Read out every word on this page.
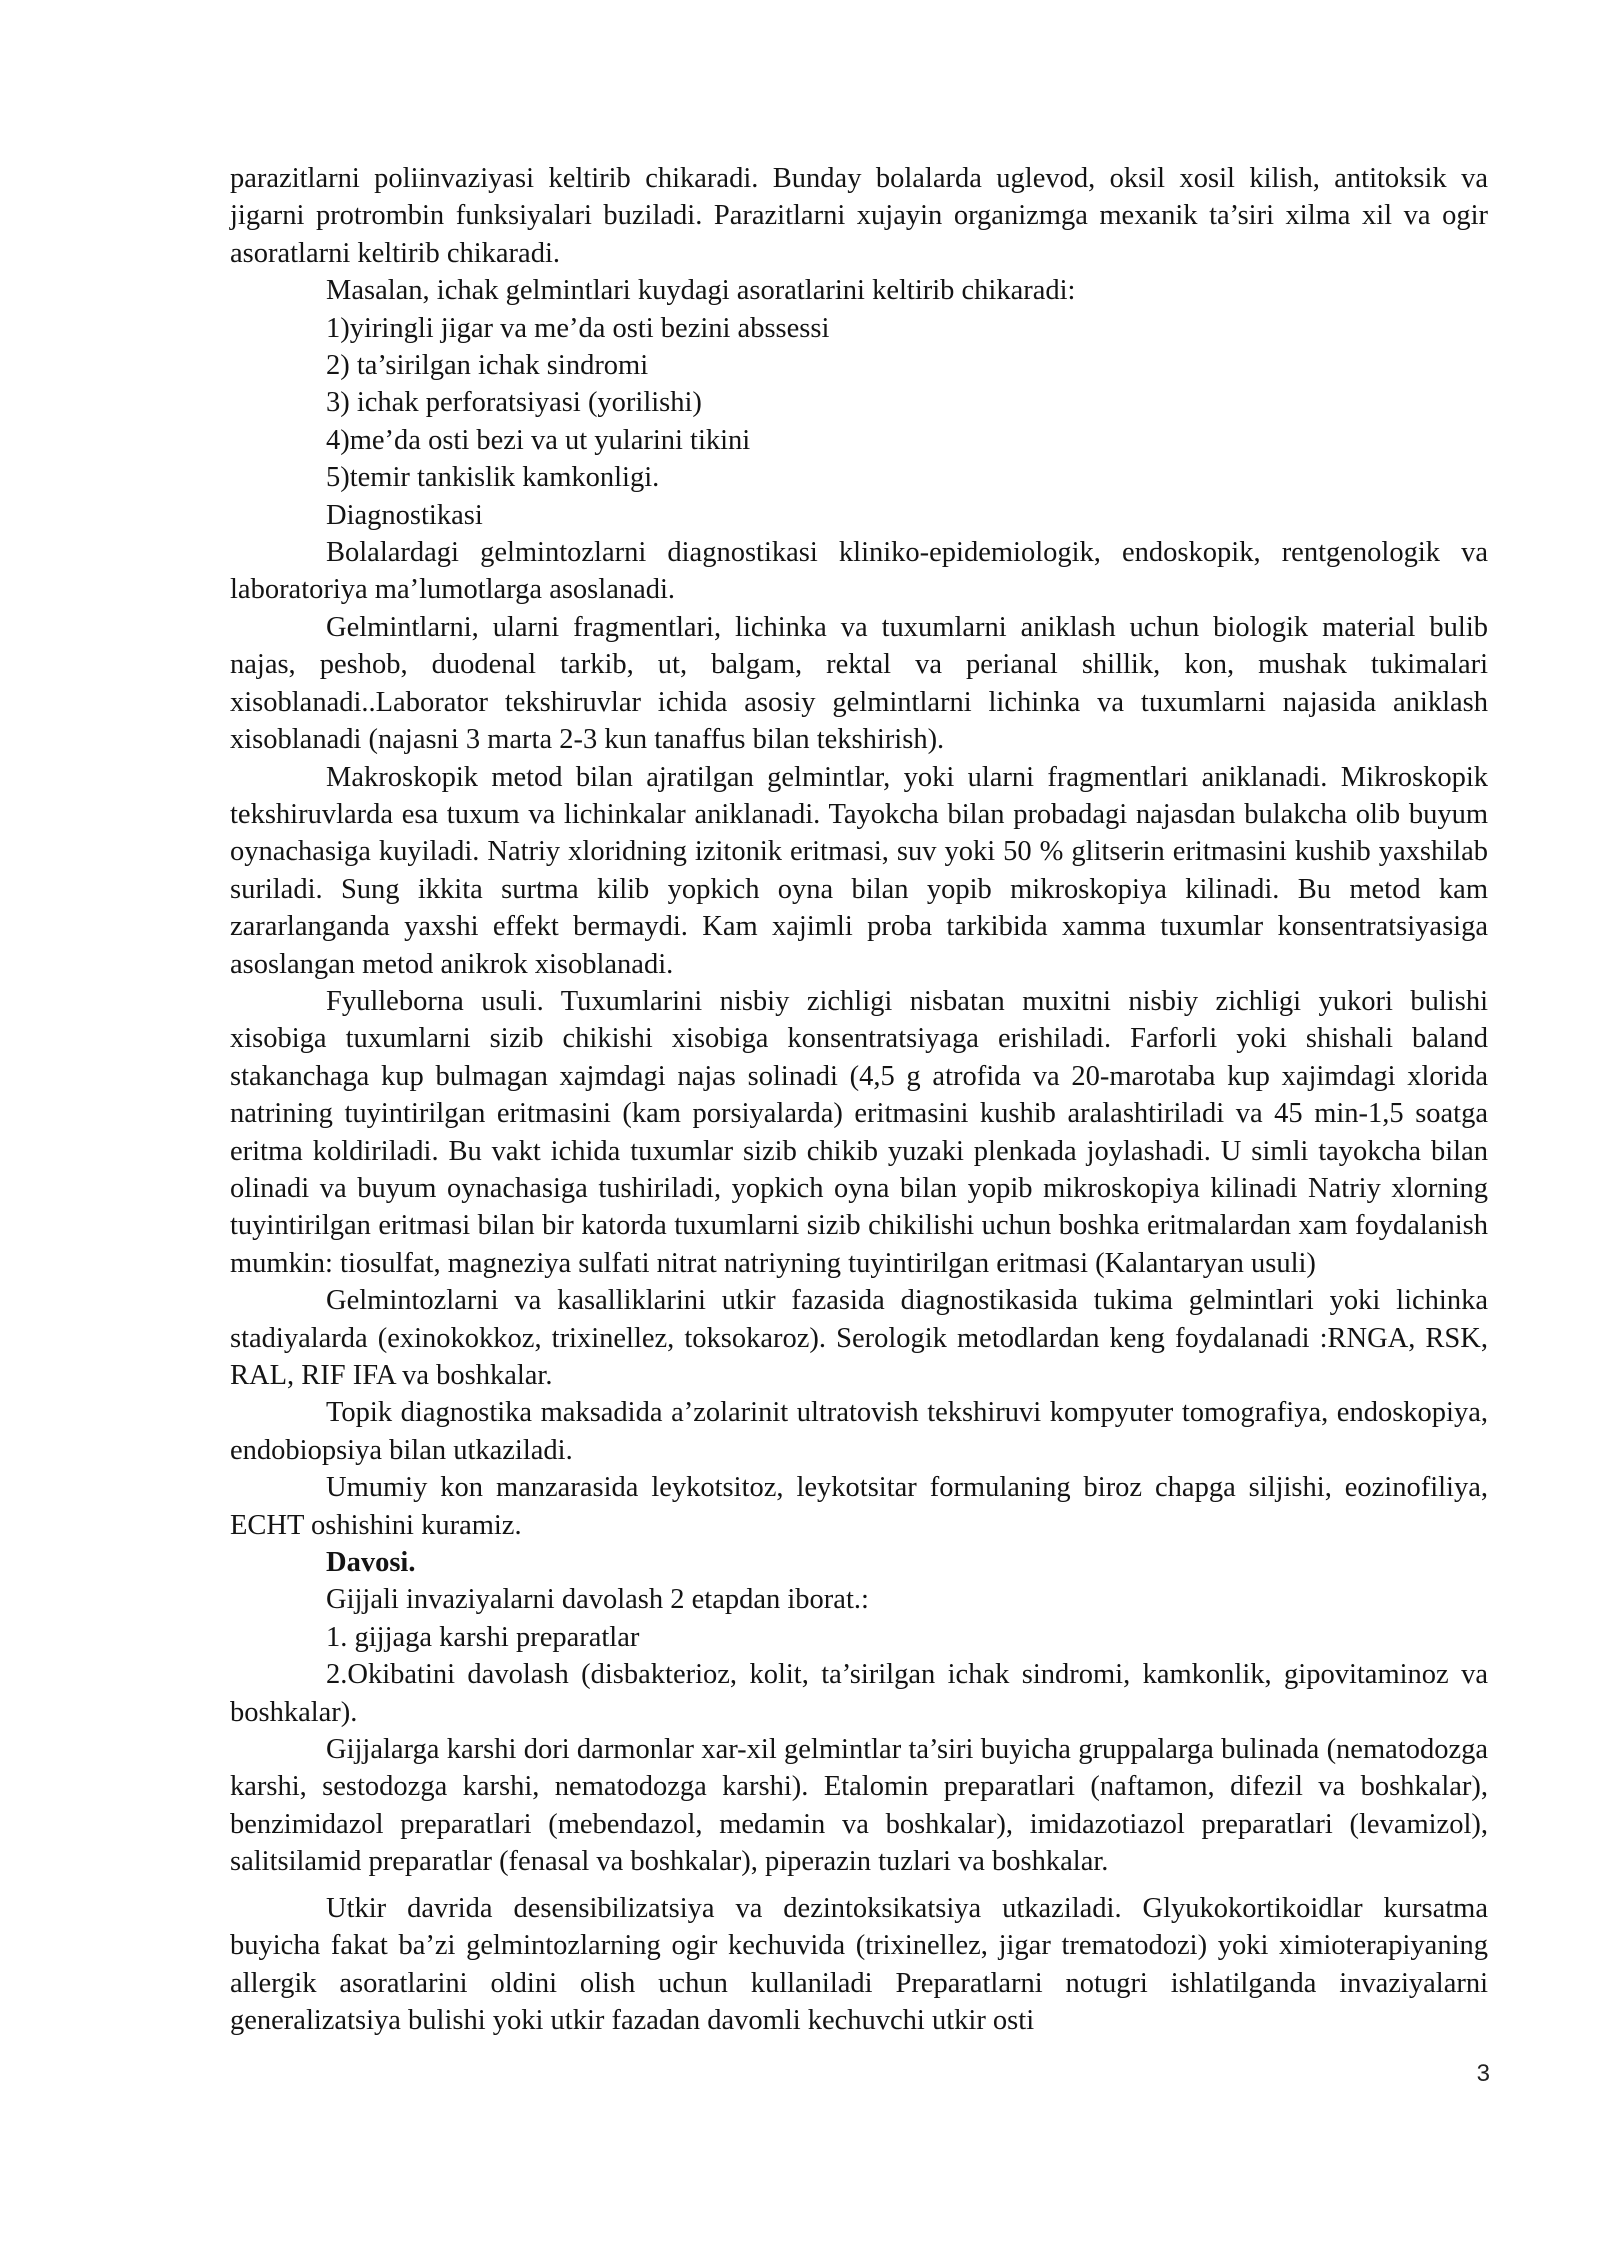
parazitlarni poliinvaziyasi keltirib chikaradi. Bunday bolalarda uglevod, oksil xosil kilish, antitoksik va jigarni protrombin funksiyalari buziladi. Parazitlarni xujayin organizmga mexanik ta’siri xilma xil va ogir asoratlarni keltirib chikaradi.

Masalan, ichak gelmintlari kuydagi asoratlarini keltirib chikaradi:

1)yiringli jigar va me’da osti bezini abssessi

2) ta’sirilgan ichak sindromi

3) ichak perforatsiyasi (yorilishi)

4)me’da osti bezi va ut yularini tikini

5)temir tankislik kamkonligi.

Diagnostikasi

Bolalardagi gelmintozlarni diagnostikasi kliniko-epidemiologik, endoskopik, rentgenologik va laboratoriya ma’lumotlarga asoslanadi.

Gelmintlarni, ularni fragmentlari, lichinka va tuxumlarni aniklash uchun biologik material bulib najas, peshob, duodenal tarkib, ut, balgam, rektal va perianal shillik, kon, mushak tukimalari xisoblanadi..Laborator tekshiruvlar ichida asosiy gelmintlarni lichinka va tuxumlarni najasida aniklash xisoblanadi (najasni 3 marta 2-3 kun tanaffus bilan tekshirish).

Makroskopik metod bilan ajratilgan gelmintlar, yoki ularni fragmentlari aniklanadi. Mikroskopik tekshiruvlarda esa tuxum va lichinkalar aniklanadi. Tayokcha bilan probadagi najasdan bulakcha olib buyum oynachasiga kuyiladi. Natriy xloridning izitonik eritmasi, suv yoki 50 % glitserin eritmasini kushib yaxshilab suriladi. Sung ikkita surtma kilib yopkich oyna bilan yopib mikroskopiya kilinadi. Bu metod kam zararlanganda yaxshi effekt bermaydi. Kam xajimli proba tarkibida xamma tuxumlar konsentratsiyasiga asoslangan metod anikrok xisoblanadi.

Fyulleborna usuli. Tuxumlarini nisbiy zichligi nisbatan muxitni nisbiy zichligi yukori bulishi xisobiga tuxumlarni sizib chikishi xisobiga konsentratsiyaga erishiladi. Farforli yoki shishali baland stakanchaga kup bulmagan xajmdagi najas solinadi (4,5 g atrofida va 20-marotaba kup xajimdagi xlorida natrining tuyintirilgan eritmasini (kam porsiyalarda) eritmasini kushib aralashtiriladi va 45 min-1,5 soatga eritma koldiriladi. Bu vakt ichida tuxumlar sizib chikib yuzaki plenkada joylashadi. U simli tayokcha bilan olinadi va buyum oynachasiga tushiriladi, yopkich oyna bilan yopib mikroskopiya kilinadi Natriy xlorning tuyintirilgan eritmasi bilan bir katorda tuxumlarni sizib chikilishi uchun boshka eritmalardan xam foydalanish mumkin: tiosulfat, magneziya sulfati nitrat natriyning tuyintirilgan eritmasi (Kalantaryan usuli)

Gelmintozlarni va kasalliklarini utkir fazasida diagnostikasida tukima gelmintlari yoki lichinka stadiyalarda (exinokokkoz, trixinellez, toksokaroz). Serologik metodlardan keng foydalanadi :RNGA, RSK, RAL, RIF IFA va boshkalar.

Topik diagnostika maksadida a’zolarinit ultratovish tekshiruvi kompyuter tomografiya, endoskopiya, endobiopsiya bilan utkaziladi.

Umumiy kon manzarasida leykotsitoz, leykotsitar formulaning biroz chapga siljishi, eozinofiliya, ECHT oshishini kuramiz.

Davosi.

Gijjali invaziyalarni davolash 2 etapdan iborat.:

1. gijjaga karshi preparatlar

2.Okibatini davolash (disbakterioz, kolit, ta’sirilgan ichak sindromi, kamkonlik, gipovitaminoz va boshkalar).

Gijjalarga karshi dori darmonlar xar-xil gelmintlar ta’siri buyicha gruppalarga bulinada (nematodozga karshi, sestodozga karshi, nematodozga karshi). Etalomin preparatlari (naftamon, difezil va boshkalar), benzimidazol preparatlari (mebendazol, medamin va boshkalar), imidazotiazol preparatlari (levamizol), salitsilamid preparatlar (fenasal va boshkalar), piperazin tuzlari va boshkalar.

Utkir davrida desensibilizatsiya va dezintoksikatsiya utkaziladi. Glyukokortikoidlar kursatma buyicha fakat ba’zi gelmintozlarning ogir kechuvida (trixinellez, jigar trematodozi) yoki ximioterapiyaning allergik asoratlarini oldini olish uchun kullaniladi Preparatlarni notugri ishlatilganda invaziyalarni generalizatsiya bulishi yoki utkir fazadan davomli kechuvchi utkir osti

3
